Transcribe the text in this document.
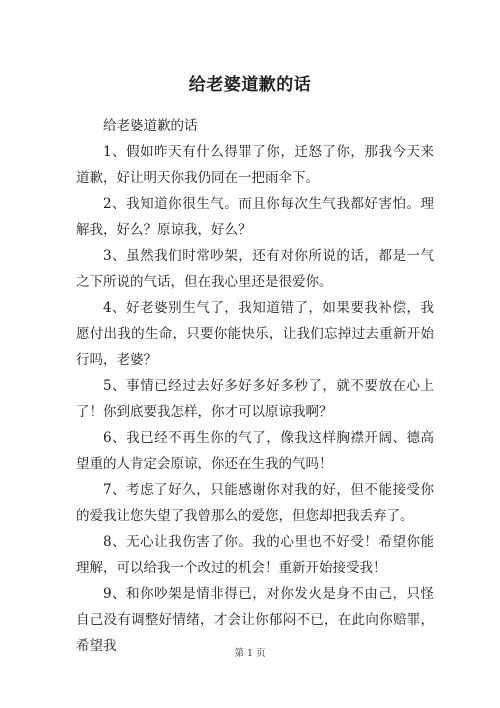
给老婆道歉的话

给老婆道歉的话

1、假如昨天有什么得罪了你，迁怒了你，那我今天来道歉，好让明天你我仍同在一把雨伞下。

2、我知道你很生气。而且你每次生气我都好害怕。理解我，好么？原谅我，好么？

3、虽然我们时常吵架，还有对你所说的话，都是一气之下所说的气话，但在我心里还是很爱你。

4、好老婆别生气了，我知道错了，如果要我补偿，我愿付出我的生命，只要你能快乐，让我们忘掉过去重新开始行吗，老婆？

5、事情已经过去好多好多好多秒了，就不要放在心上了！你到底要我怎样，你才可以原谅我啊？

6、我已经不再生你的气了，像我这样胸襟开阔、德高望重的人肯定会原谅，你还在生我的气吗！

7、考虑了好久，只能感谢你对我的好，但不能接受你的爱我让您失望了我曾那么的爱您，但您却把我丢弃了。

8、无心让我伤害了你。我的心里也不好受！希望你能理解，可以给我一个改过的机会！重新开始接受我！

9、和你吵架是情非得已，对你发火是身不由己，只怪自己没有调整好情绪，才会让你郁闷不已，在此向你赔罪，希望我	第 1 页
